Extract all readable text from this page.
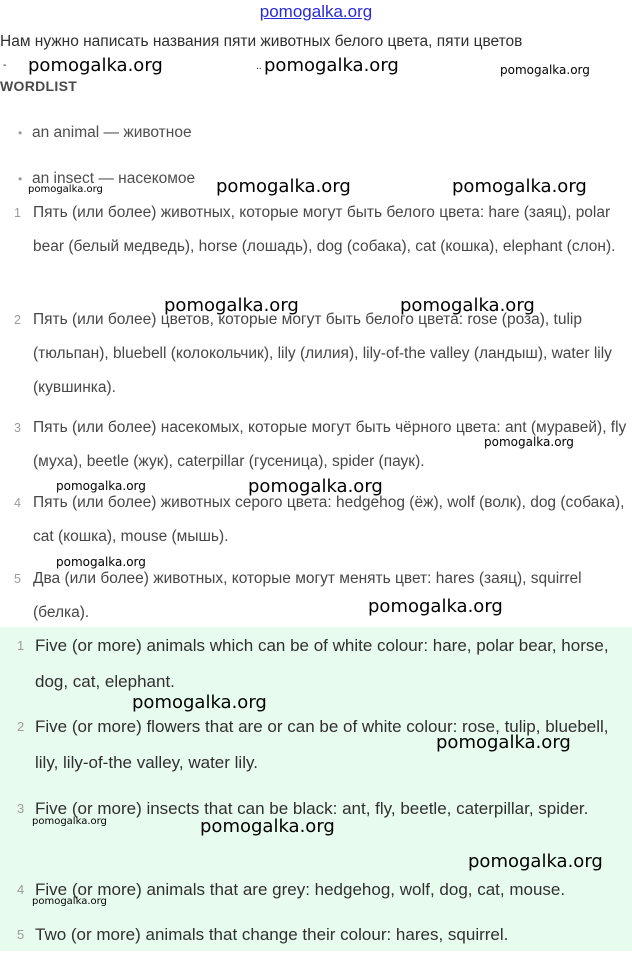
pomogalka.org
Нам нужно написать названия пяти животных белого цвета, пяти цветов
-	..
WORDLIST
• an animal — животное
• an insect — насекомое
1 Пять (или более) животных, которые могут быть белого цвета: hare (заяц), polar bear (белый медведь), horse (лошадь), dog (собака), cat (кошка), elephant (слон).
2 Пять (или более) цветов, которые могут быть белого цвета: rose (роза), tulip (тюльпан), bluebell (колокольчик), lily (лилия), lily-of-the valley (ландыш), water lily (кувшинка).
3 Пять (или более) насекомых, которые могут быть чёрного цвета: ant (муравей), fly (муха), beetle (жук), caterpillar (гусеница), spider (паук).
4 Пять (или более) животных серого цвета: hedgehog (ёж), wolf (волк), dog (собака), cat (кошка), mouse (мышь).
5 Два (или более) животных, которые могут менять цвет: hares (заяц), squirrel (белка).
1 Five (or more) animals which can be of white colour: hare, polar bear, horse, dog, cat, elephant.
2 Five (or more) flowers that are or can be of white colour: rose, tulip, bluebell, lily, lily-of-the valley, water lily.
3 Five (or more) insects that can be black: ant, fly, beetle, caterpillar, spider.
4 Five (or more) animals that are grey: hedgehog, wolf, dog, cat, mouse.
5 Two (or more) animals that change their colour: hares, squirrel.
pomogalka.org	pomogalka.org	pomogalka.org
pomogalka.org	pomogalka.org	pomogalka.org
pomogalka.org	pomogalka.org
pomogalka.org
pomogalka.org	pomogalka.org
pomogalka.org
pomogalka.org
pomogalka.org
pomogalka.org
pomogalka.org	pomogalka.org
pomogalka.org
pomogalka.org
